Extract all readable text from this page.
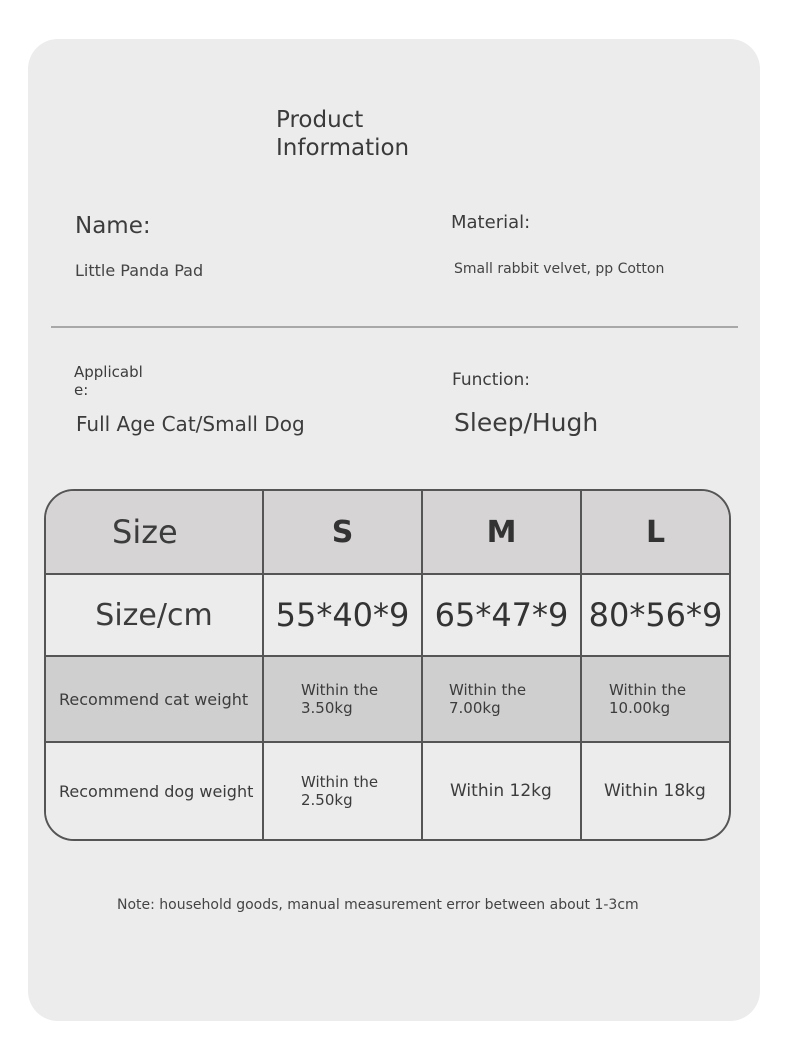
Product Information
Name:
Little Panda Pad
Material:
Small rabbit velvet, pp Cotton
Applicable:
Full Age Cat/Small Dog
Function:
Sleep/Hugh
Size	S	M	L
Size/cm	55*40*9	65*47*9	80*56*9
Recommend cat weight	Within the 3.50kg	Within the 7.00kg	Within the 10.00kg

Recommend dog weight	Within the 2.50kg	Within 12kg	Within 18kg
Note: household goods, manual measurement error between about 1-3cm
